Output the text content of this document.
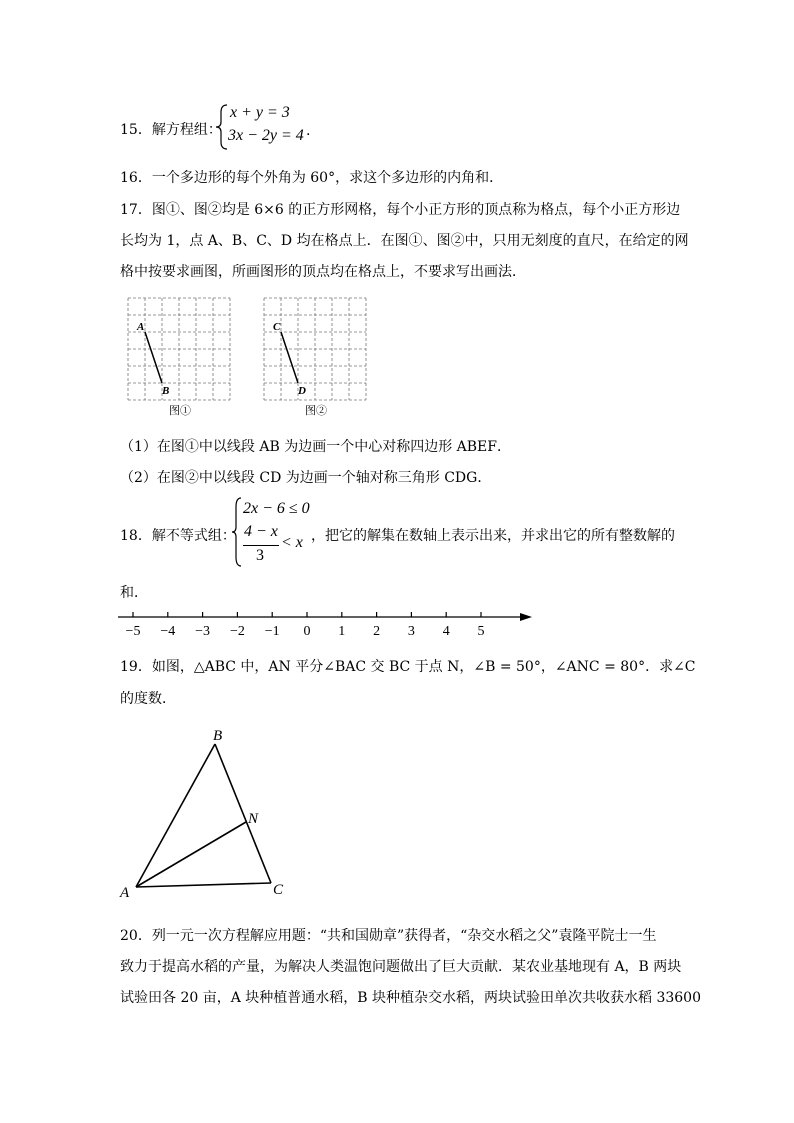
15．解方程组：
x + y = 3
3x − 2y = 4 .
16．一个多边形的每个外角为 60°，求这个多边形的内角和．
17．图①、图②均是 6×6 的正方形网格，每个小正方形的顶点称为格点，每个小正方形边
长均为 1，点 A、B、C、D 均在格点上．在图①、图②中，只用无刻度的直尺，在给定的网
格中按要求画图，所画图形的顶点均在格点上，不要求写出画法．
A
B
图①
C
D
图②
（1）在图①中以线段 AB 为边画一个中心对称四边形 ABEF．
（2）在图②中以线段 CD 为边画一个轴对称三角形 CDG．
18．解不等式组：
2x − 6 ≤ 0
4 − x
3
< x ，把它的解集在数轴上表示出来，并求出它的所有整数解的
和．
−5 −4 −3 −2 −1 0 1 2 3 4 5
19．如图，△ABC 中，AN 平分∠BAC 交 BC 于点 N，∠B = 50°，∠ANC = 80°．求∠C
的度数．
B
N
A	C
20．列一元一次方程解应用题：“共和国勋章”获得者，“杂交水稻之父”袁隆平院士一生
致力于提高水稻的产量，为解决人类温饱问题做出了巨大贡献．某农业基地现有 A，B 两块
试验田各 20 亩，A 块种植普通水稻，B 块种植杂交水稻，两块试验田单次共收获水稻 33600
